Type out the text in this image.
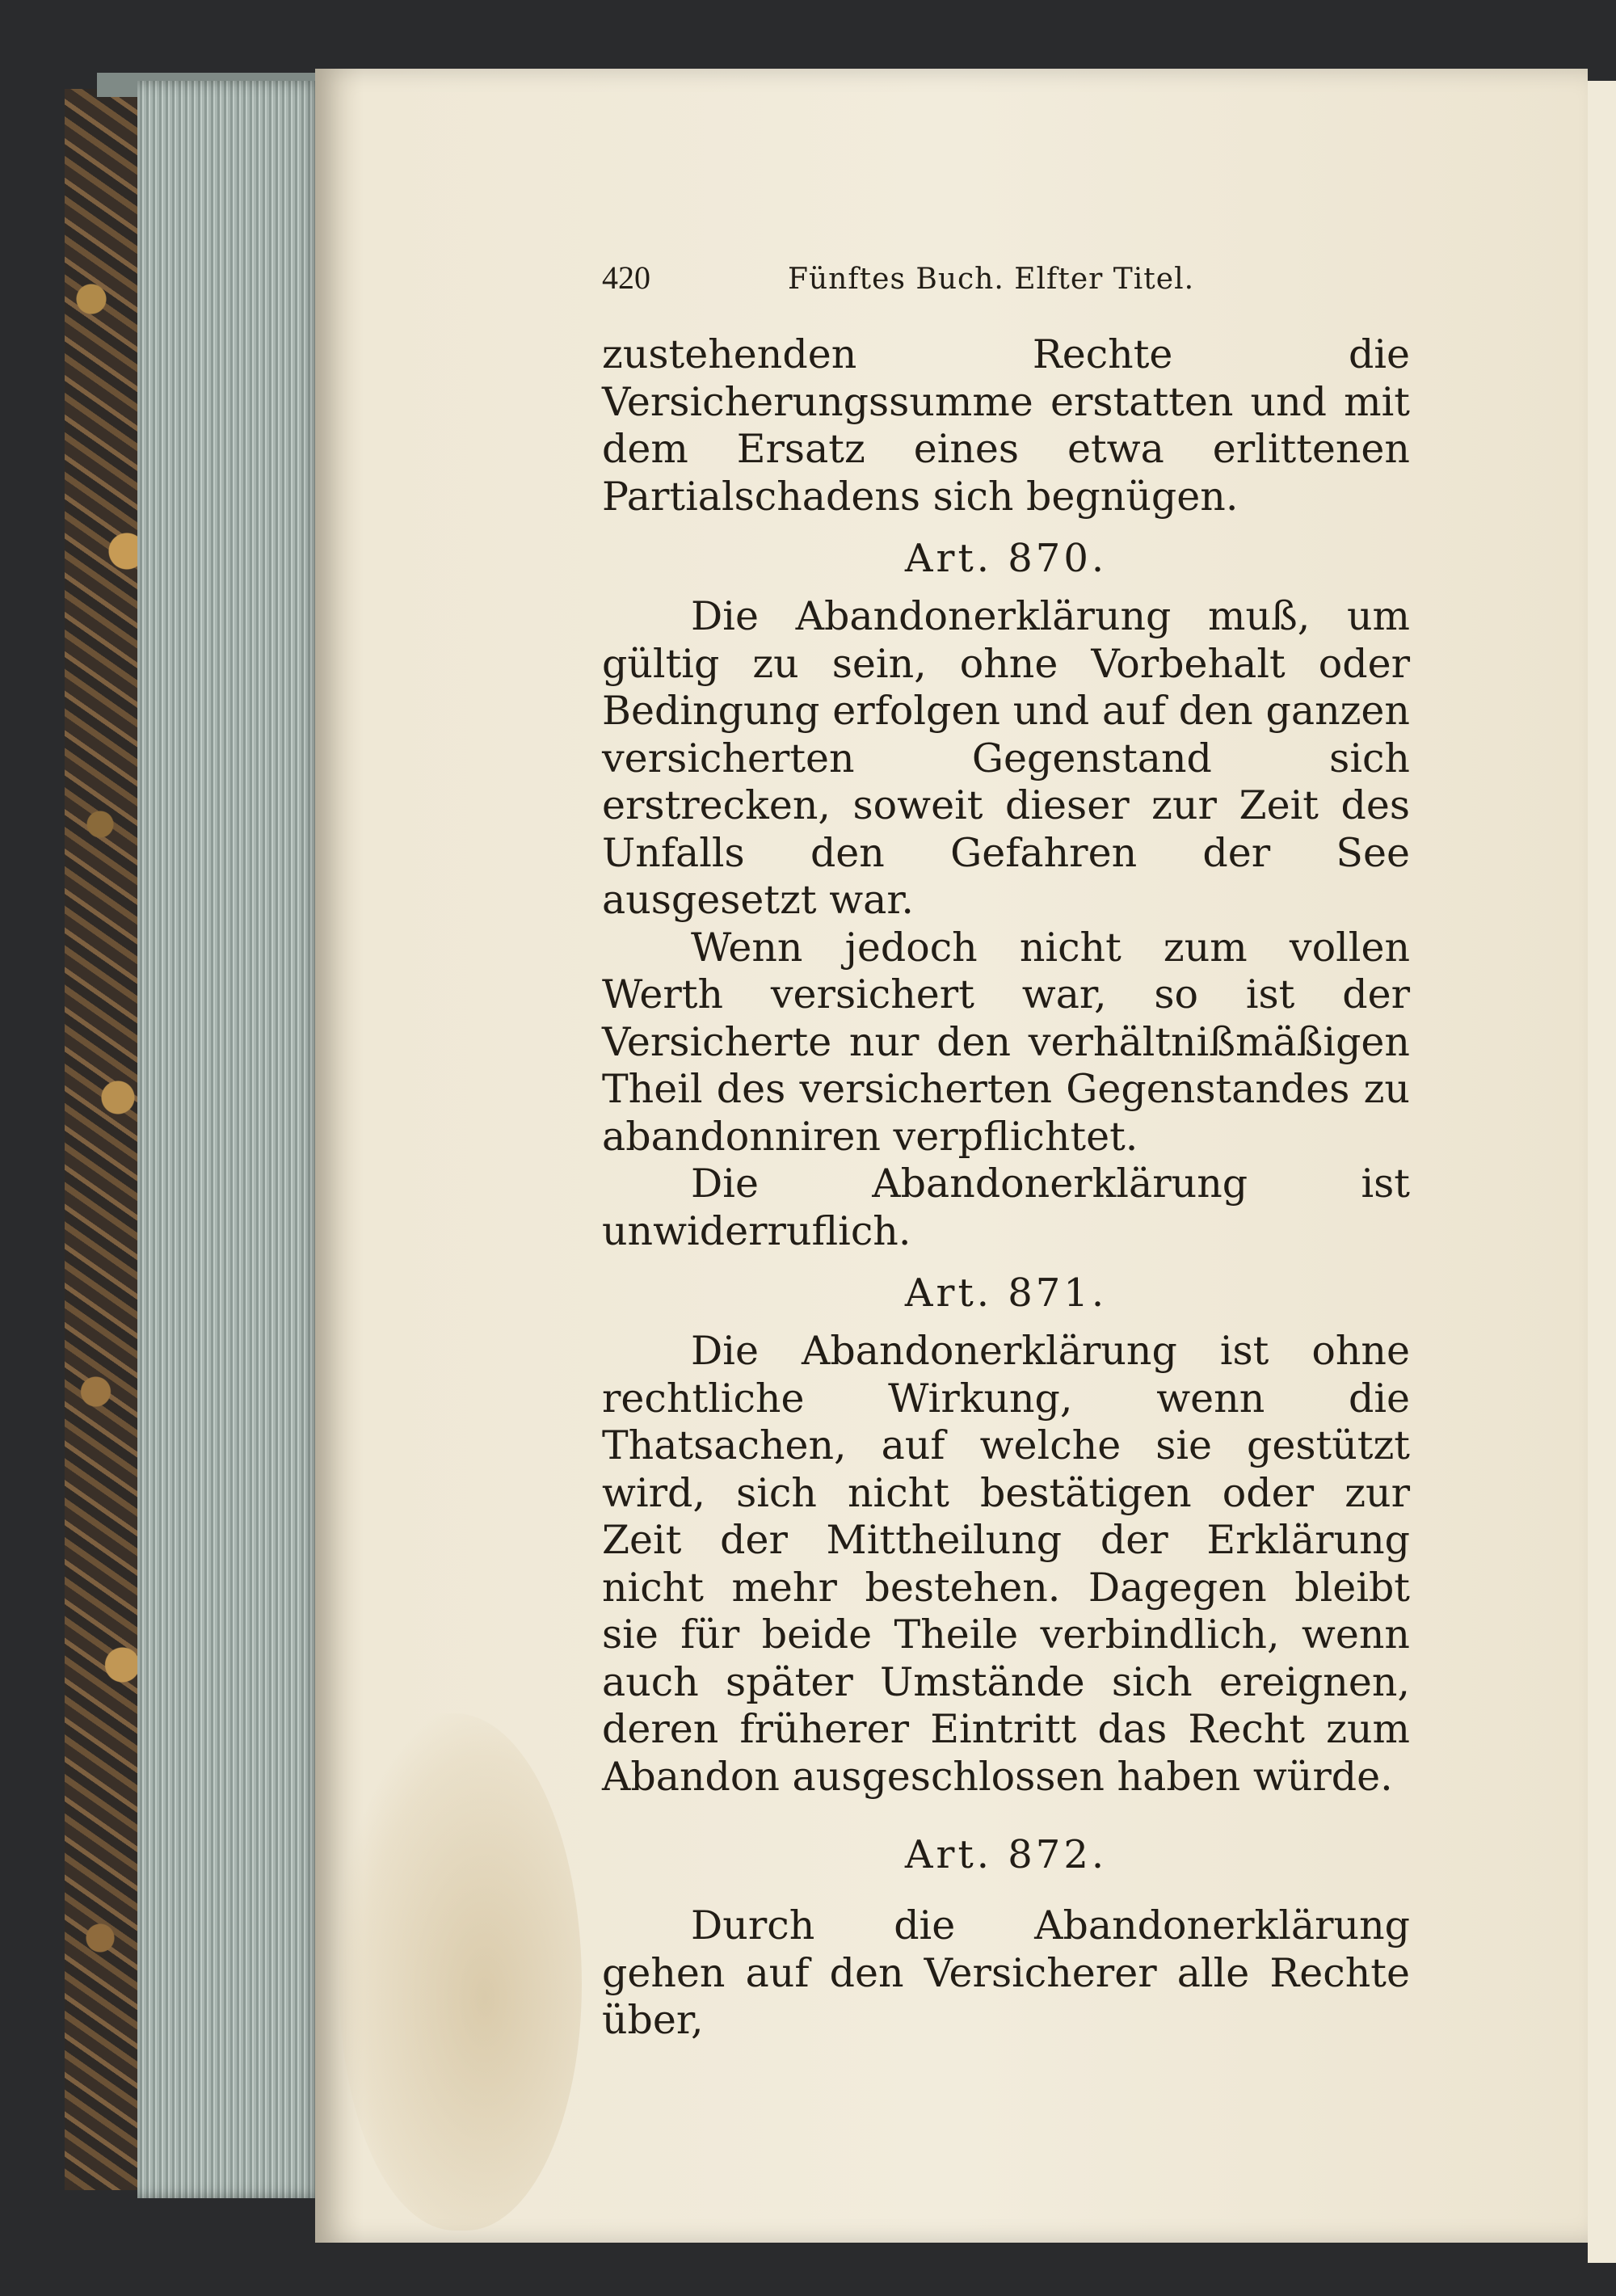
420	Fünftes Buch. Elfter Titel.

zustehenden Rechte die Versicherungssumme erstatten und mit dem Ersatz eines etwa erlittenen Partialschadens sich begnügen.

Art. 870.

Die Abandonerklärung muß, um gültig zu sein, ohne Vorbehalt oder Bedingung erfolgen und auf den ganzen versicherten Gegenstand sich erstrecken, soweit dieser zur Zeit des Unfalls den Gefahren der See ausgesetzt war.

Wenn jedoch nicht zum vollen Werth versichert war, so ist der Versicherte nur den verhältnißmäßigen Theil des versicherten Gegenstandes zu abandonniren verpflichtet.

Die Abandonerklärung ist unwiderruflich.

Art. 871.

Die Abandonerklärung ist ohne rechtliche Wirkung, wenn die Thatsachen, auf welche sie gestützt wird, sich nicht bestätigen oder zur Zeit der Mittheilung der Erklärung nicht mehr bestehen. Dagegen bleibt sie für beide Theile verbindlich, wenn auch später Umstände sich ereignen, deren früherer Eintritt das Recht zum Abandon ausgeschlossen haben würde.

Art. 872.

Durch die Abandonerklärung gehen auf den Versicherer alle Rechte über,
